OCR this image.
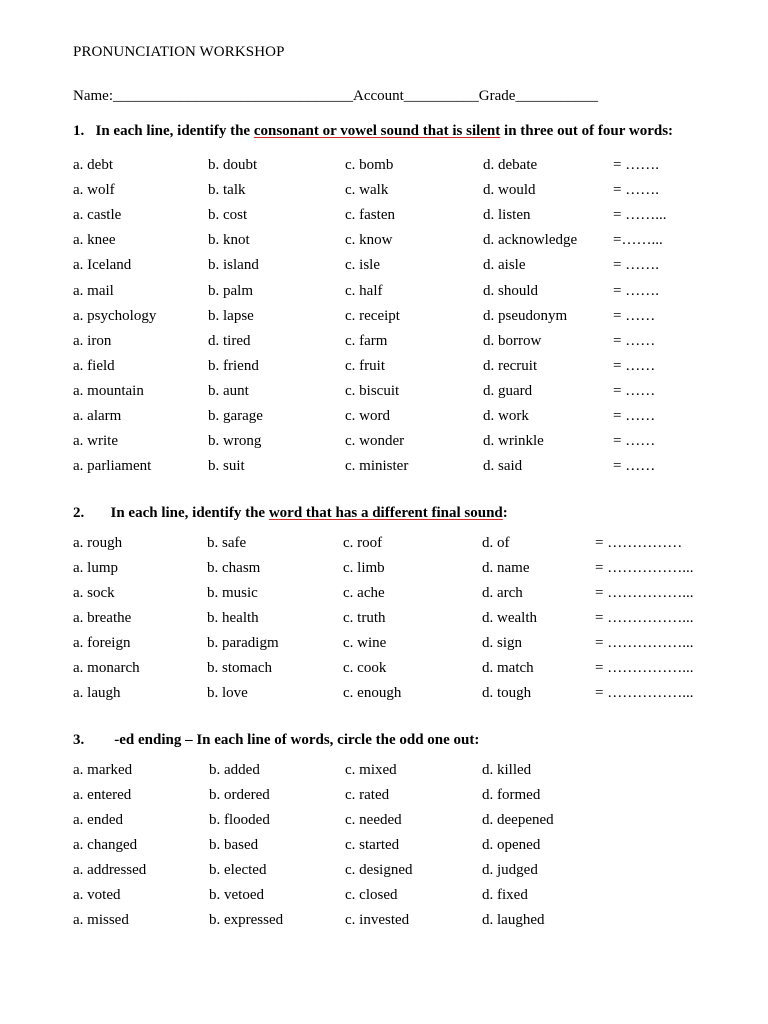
PRONUNCIATION WORKSHOP
Name:________________________________Account__________Grade___________
1.   In each line, identify the consonant or vowel sound that is silent in three out of four words:
a. debt	b. doubt	c. bomb	d. debate	= …….
a. wolf	b. talk	c. walk	d. would	= …….
a. castle	b. cost	c. fasten	d. listen	= ……...
a. knee	b. knot	c. know	d. acknowledge =……...
a. Iceland	b. island	c. isle	d. aisle	= …….
a. mail	b. palm	c. half	d. should	= …….
a. psychology	b. lapse	c. receipt	d. pseudonym	= ……
a. iron	d. tired	c. farm	d. borrow	= ……
a. field	b. friend	c. fruit	d. recruit	= ……
a. mountain	b. aunt	c. biscuit	d. guard	= ……
a. alarm	b. garage	c. word	d. work	= ……
a. write	b. wrong	c. wonder	d. wrinkle	= ……
a. parliament	b. suit	c. minister	d. said	= ……
2.       In each line, identify the word that has a different final sound:
a. rough	b. safe	c. roof	d. of	= ……………
a. lump	b. chasm	c. limb	d. name	= ……………...
a. sock	b. music	c. ache	d. arch	= ……………...
a. breathe	b. health	c. truth	d. wealth	= ……………...
a. foreign	b. paradigm	c. wine	d. sign	= ……………...
a. monarch	b. stomach	c. cook	d. match	= ……………...
a. laugh	b. love	c. enough	d. tough	= ……………...
3.        -ed ending – In each line of words, circle the odd one out:
a. marked	b. added	c. mixed	d. killed
a. entered	b. ordered	c. rated	d. formed
a. ended	b. flooded	c. needed	d. deepened
a. changed	b. based	c. started	d. opened
a. addressed	b. elected	c. designed	d. judged
a. voted	b. vetoed	c. closed	d. fixed
a. missed	b. expressed	c. invested	d. laughed
